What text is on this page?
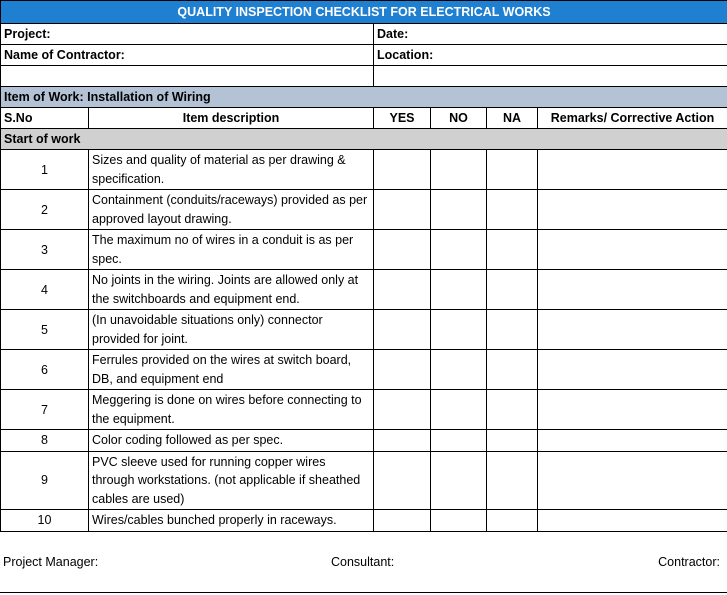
QUALITY INSPECTION CHECKLIST FOR ELECTRICAL WORKS					
Project:		Date:			
Name of Contractor:		Location:			

Item of Work: Installation of Wiring					
S.No	Item description	YES	NO	NA	Remarks/ Corrective Action
Start of work					
1	Sizes and quality of material as per drawing & specification.				
2	Containment (conduits/raceways) provided as per approved layout drawing.				
3	The maximum no of wires in a conduit is as per spec.				
4	No joints in the wiring. Joints are allowed only at the switchboards and equipment end.				
5	(In unavoidable situations only) connector provided for joint.				
6	Ferrules provided on the wires at switch board, DB, and equipment end				
7	Meggering is done on wires before connecting to the equipment.				
8	Color coding followed as per spec.				
9	PVC sleeve used for running copper wires through workstations. (not applicable if sheathed cables are used)				
10	Wires/cables bunched properly in raceways.				
Project Manager:	Consultant:	Contractor:
